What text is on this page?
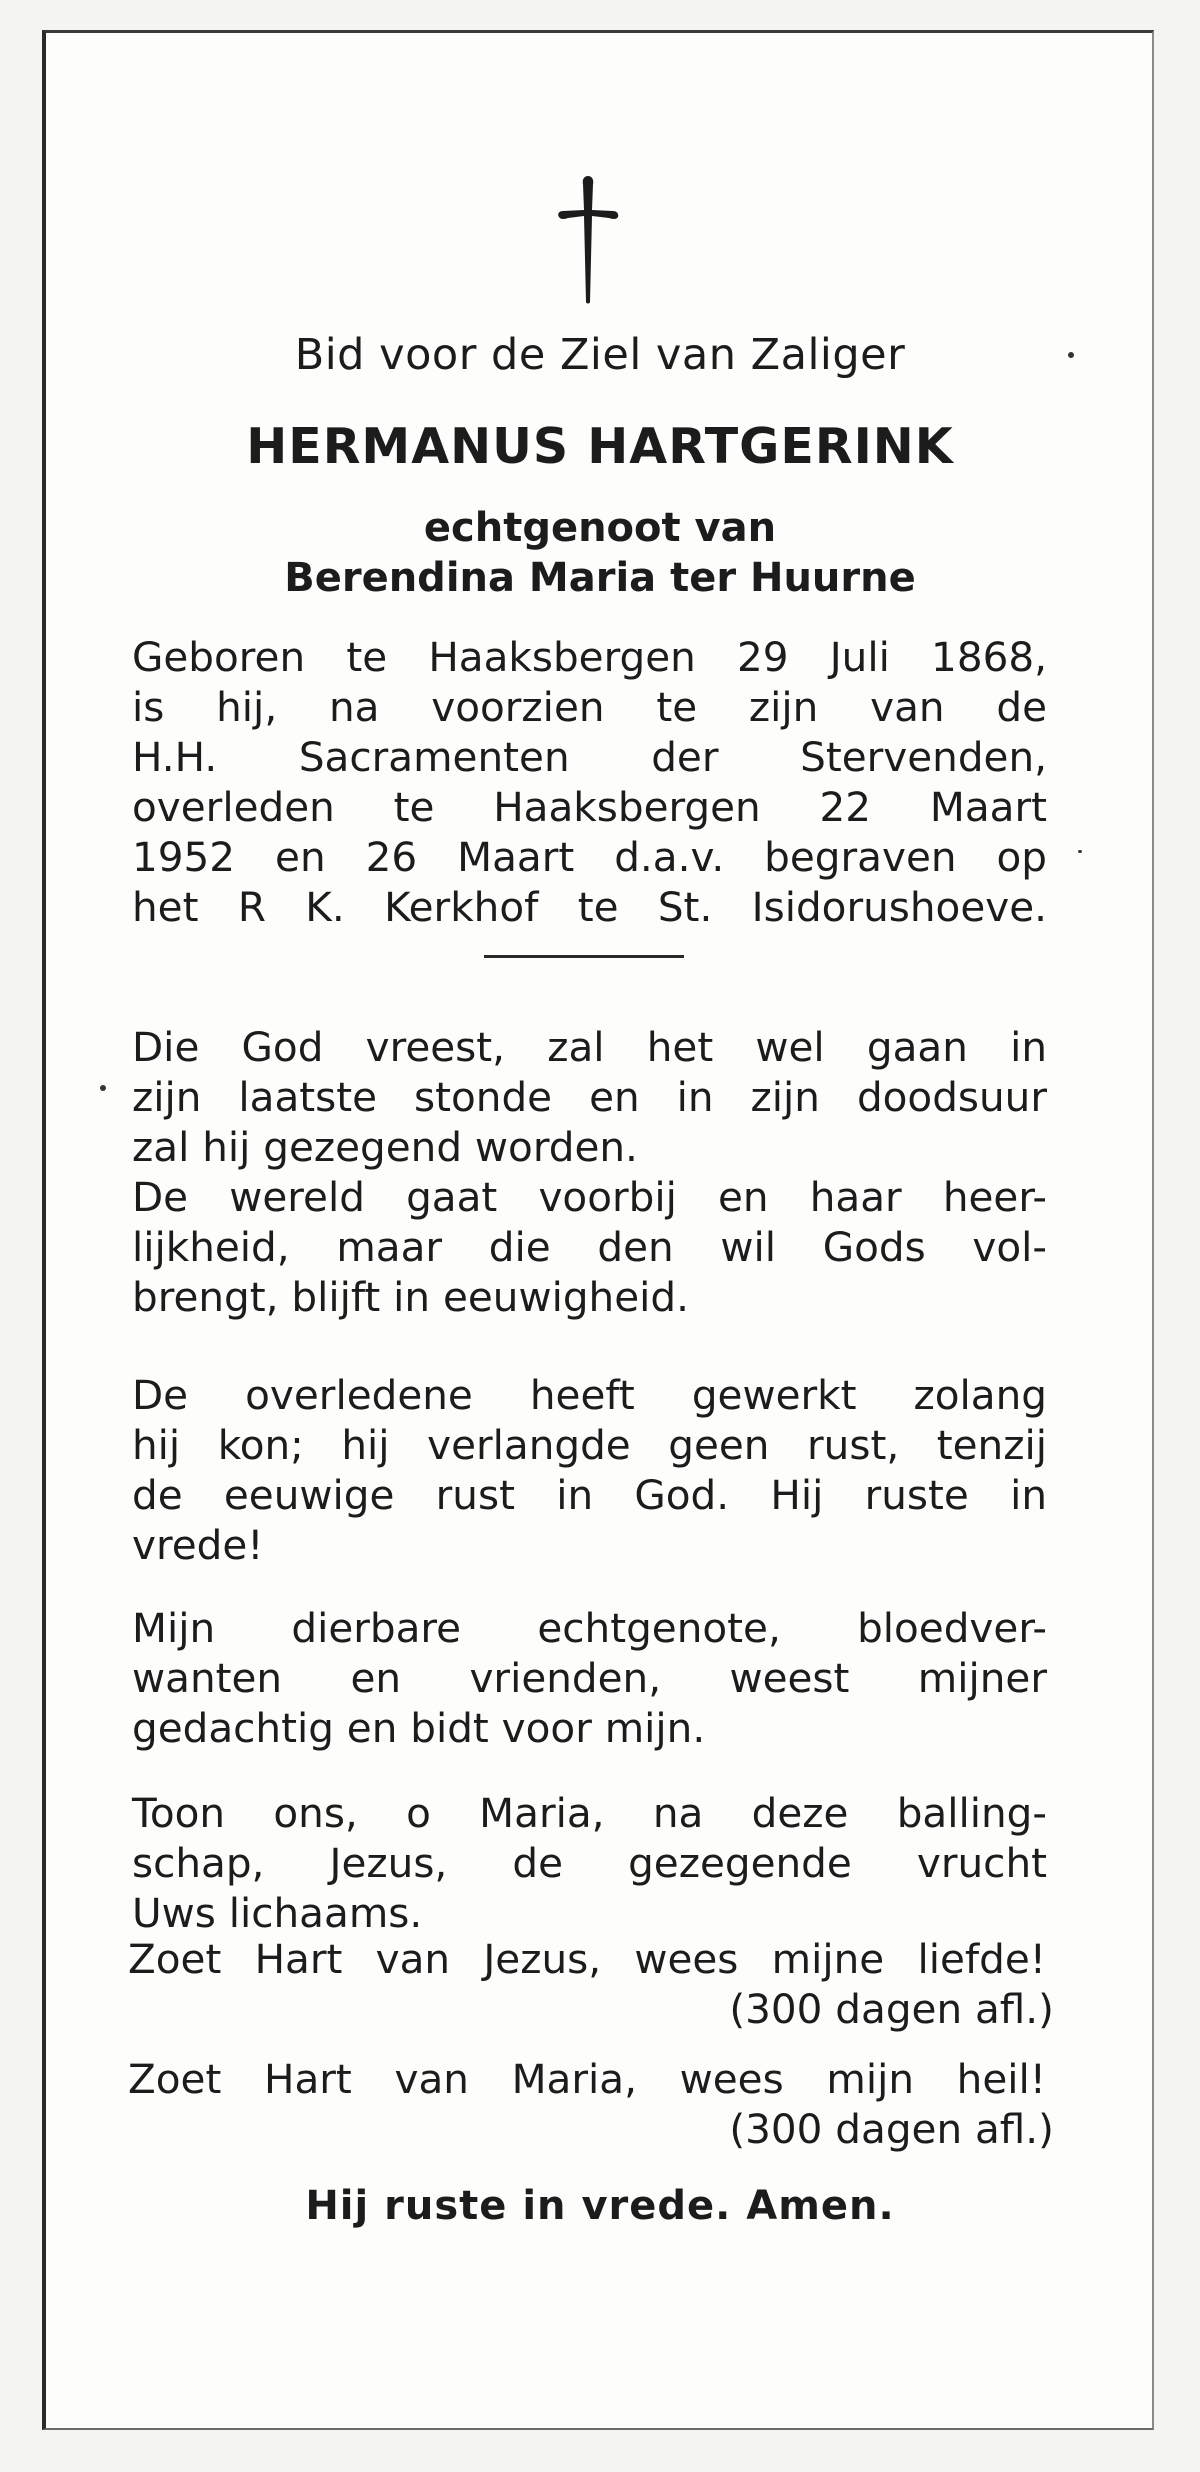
Bid voor de Ziel van Zaliger
HERMANUS HARTGERINK
echtgenoot van
Berendina Maria ter Huurne
Geboren te Haaksbergen 29 Juli 1868,
is hij, na voorzien te zijn van de
H.H. Sacramenten der Stervenden,
overleden te Haaksbergen 22 Maart
1952 en 26 Maart d.a.v. begraven op
het R K. Kerkhof te St. Isidorushoeve.
Die God vreest, zal het wel gaan in
zijn laatste stonde en in zijn doodsuur
zal hij gezegend worden.
De wereld gaat voorbij en haar heer-
lijkheid, maar die den wil Gods vol-
brengt, blijft in eeuwigheid.
De overledene heeft gewerkt zolang
hij kon; hij verlangde geen rust, tenzij
de eeuwige rust in God. Hij ruste in
vrede!
Mijn dierbare echtgenote, bloedver-
wanten en vrienden, weest mijner
gedachtig en bidt voor mijn.
Toon ons, o Maria, na deze balling-
schap, Jezus, de gezegende vrucht
Uws lichaams.
Zoet Hart van Jezus, wees mijne liefde!
(300 dagen afl.)
Zoet Hart van Maria, wees mijn heil!
(300 dagen afl.)
Hij ruste in vrede. Amen.
